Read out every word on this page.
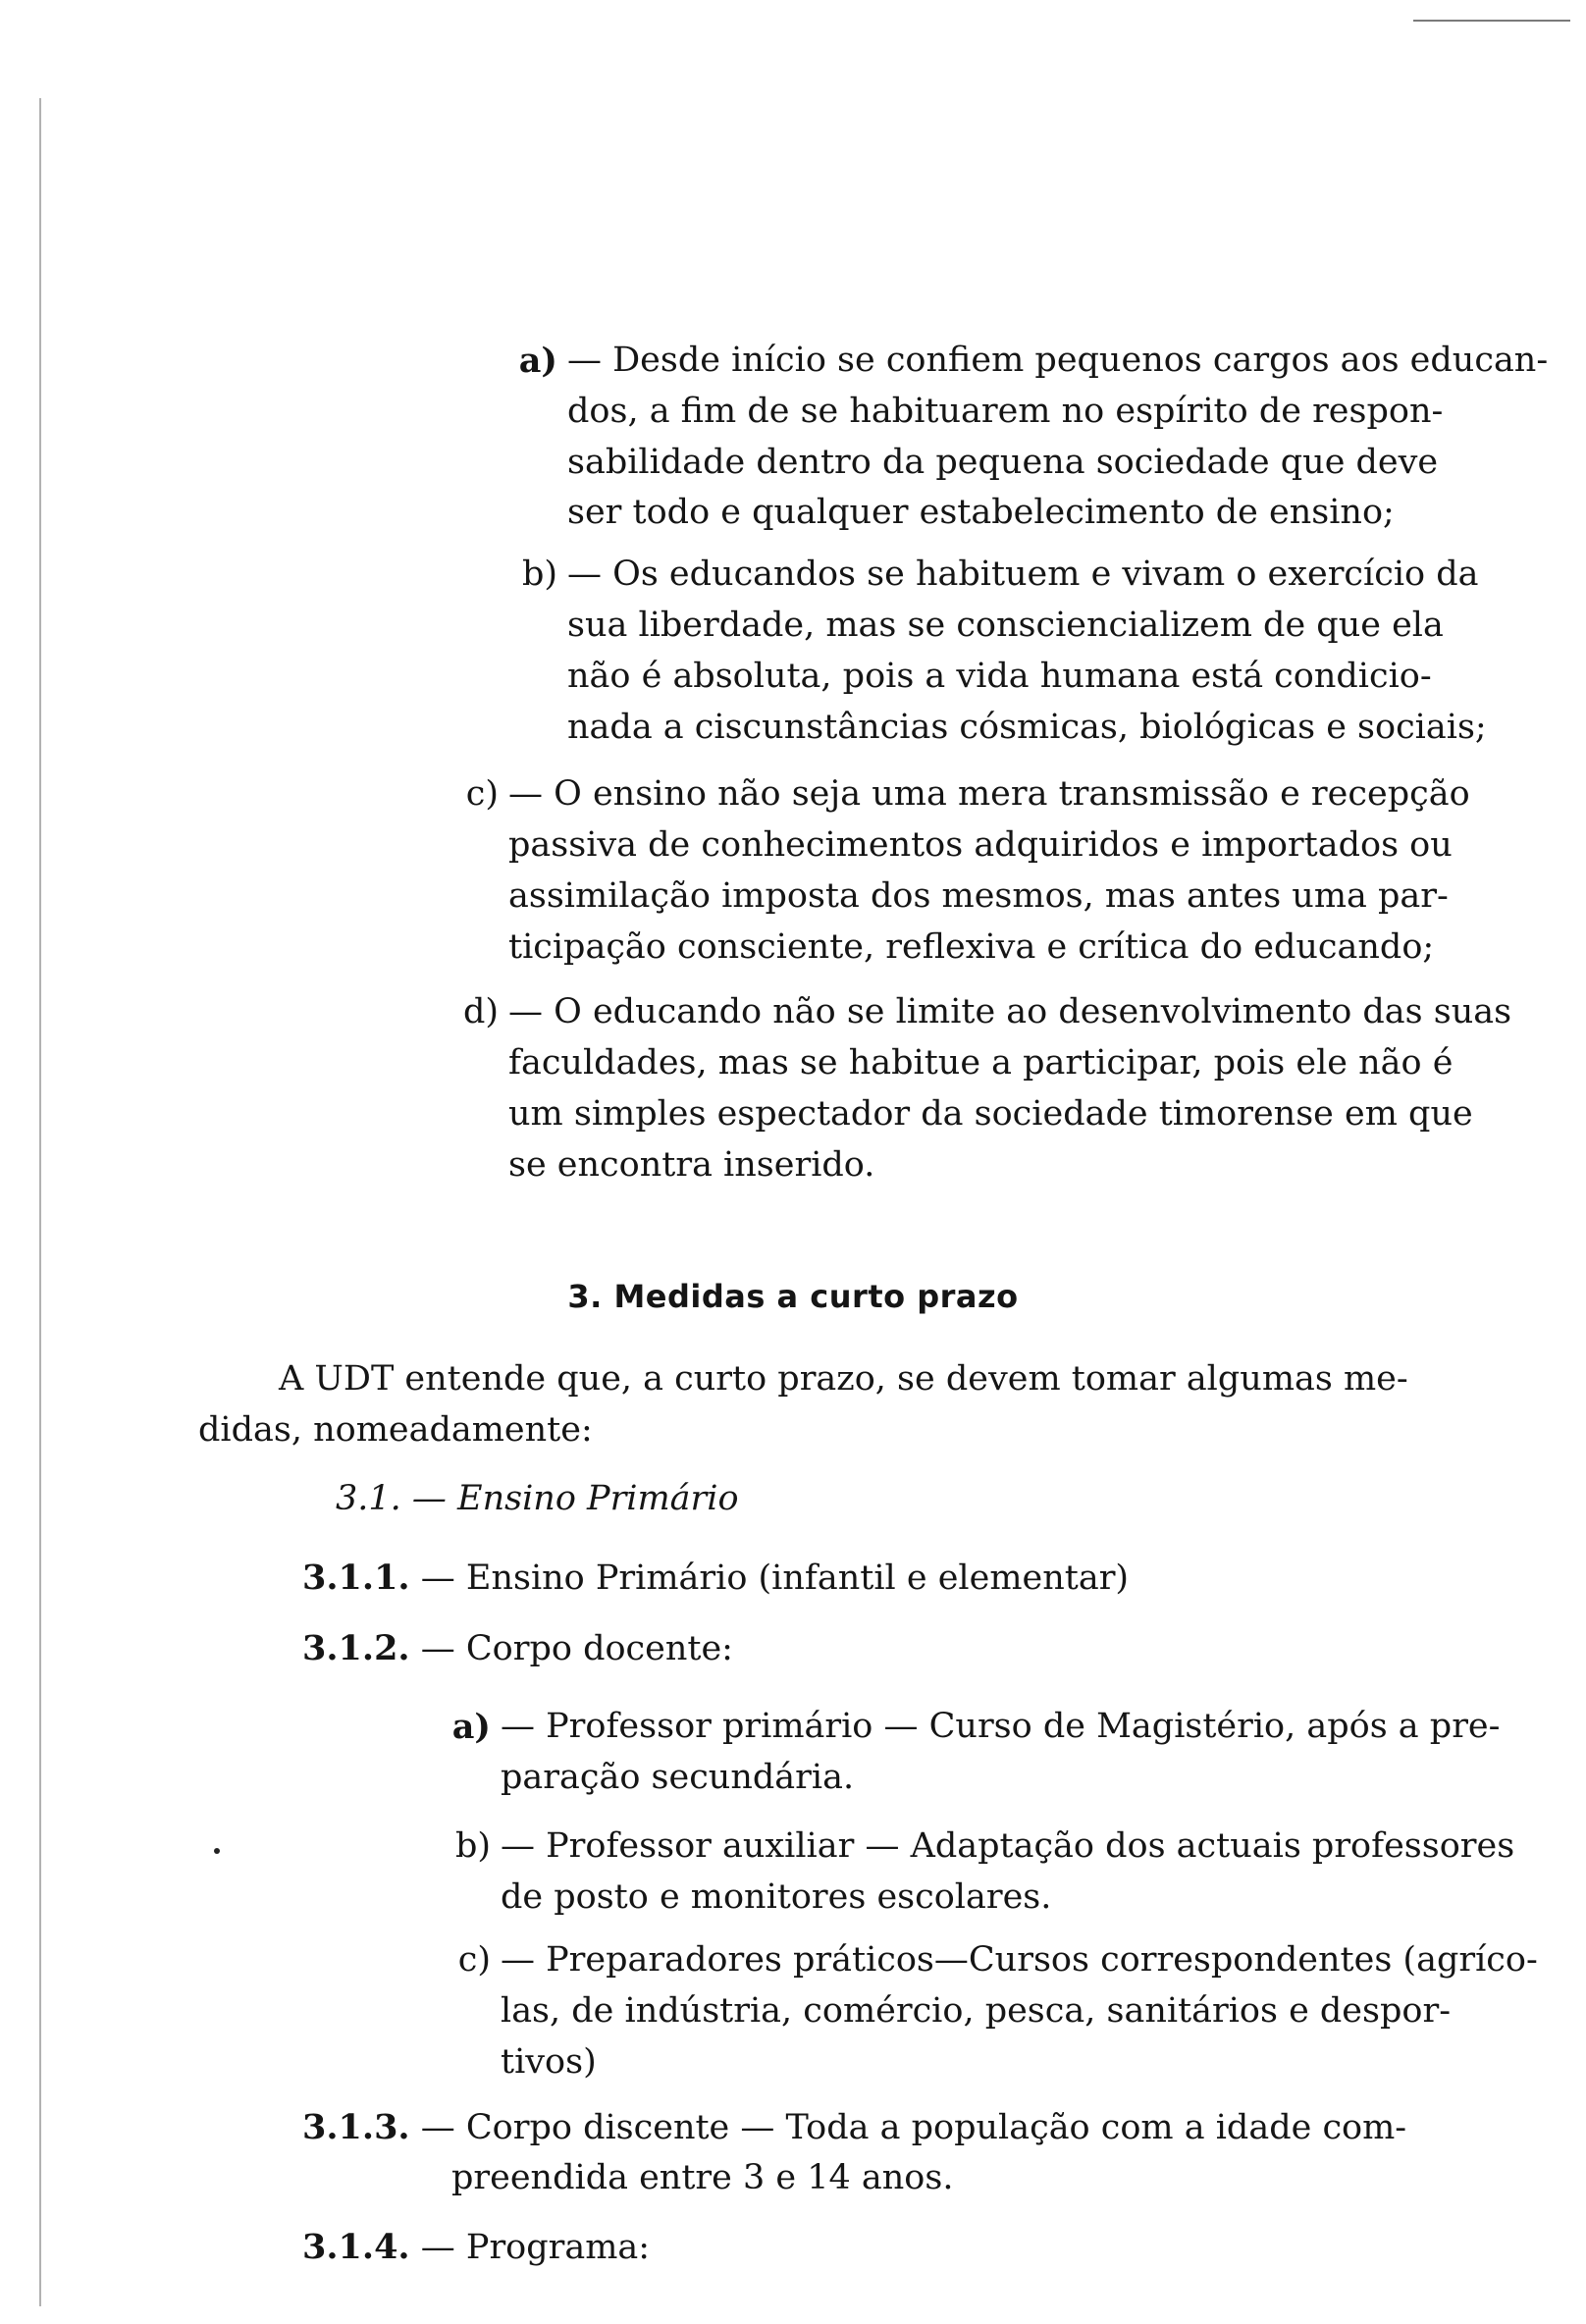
a) — Desde início se confiem pequenos cargos aos educan-
dos, a fim de se habituarem no espírito de respon-
sabilidade dentro da pequena sociedade que deve
ser todo e qualquer estabelecimento de ensino;
b) — Os educandos se habituem e vivam o exercício da
sua liberdade, mas se consciencializem de que ela
não é absoluta, pois a vida humana está condicio-
nada a ciscunstâncias cósmicas, biológicas e sociais;
c) — O ensino não seja uma mera transmissão e recepção
passiva de conhecimentos adquiridos e importados ou
assimilação imposta dos mesmos, mas antes uma par-
ticipação consciente, reflexiva e crítica do educando;
d) — O educando não se limite ao desenvolvimento das suas
faculdades, mas se habitue a participar, pois ele não é
um simples espectador da sociedade timorense em que
se encontra inserido.
3. Medidas a curto prazo
A UDT entende que, a curto prazo, se devem tomar algumas me-
didas, nomeadamente:
3.1. — Ensino Primário
3.1.1. — Ensino Primário (infantil e elementar)
3.1.2. — Corpo docente:
a) — Professor primário — Curso de Magistério, após a pre-
paração secundária.
b) — Professor auxiliar — Adaptação dos actuais professores
de posto e monitores escolares.
c) — Preparadores práticos—Cursos correspondentes (agríco-
las, de indústria, comércio, pesca, sanitários e despor-
tivos)
3.1.3. — Corpo discente — Toda a população com a idade com-
preendida entre 3 e 14 anos.
3.1.4. — Programa:
